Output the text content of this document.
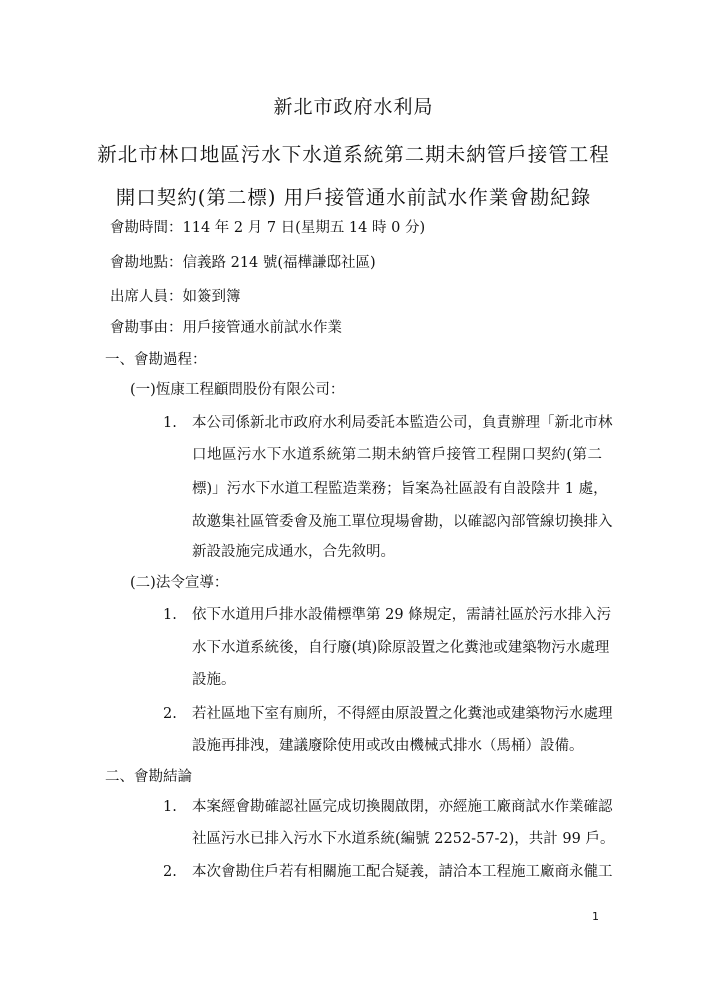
新北市政府水利局
新北市林口地區污水下水道系統第二期未納管戶接管工程
開口契約(第二標) 用戶接管通水前試水作業會勘紀錄
會勘時間：114 年 2 月 7 日(星期五 14 時 0 分)
會勘地點：信義路 214 號(福樺謙邸社區)
出席人員：如簽到簿
會勘事由：用戶接管通水前試水作業
一、會勘過程：
(一)恆康工程顧問股份有限公司：
1. 本公司係新北市政府水利局委託本監造公司，負責辦理「新北市林
口地區污水下水道系統第二期未納管戶接管工程開口契約(第二
標)」污水下水道工程監造業務；旨案為社區設有自設陰井 1 處，
故邀集社區管委會及施工單位現場會勘，以確認內部管線切換排入
新設設施完成通水，合先敘明。
(二)法令宣導：
1. 依下水道用戶排水設備標準第 29 條規定，需請社區於污水排入污
水下水道系統後，自行廢(填)除原設置之化糞池或建築物污水處理
設施。
2. 若社區地下室有廁所，不得經由原設置之化糞池或建築物污水處理
設施再排洩，建議廢除使用或改由機械式排水（馬桶）設備。
二、會勘結論
1. 本案經會勘確認社區完成切換閥啟閉，亦經施工廠商試水作業確認
社區污水已排入污水下水道系統(編號 2252-57-2)，共計 99 戶。
2. 本次會勘住戶若有相關施工配合疑義，請洽本工程施工廠商永儱工
1
